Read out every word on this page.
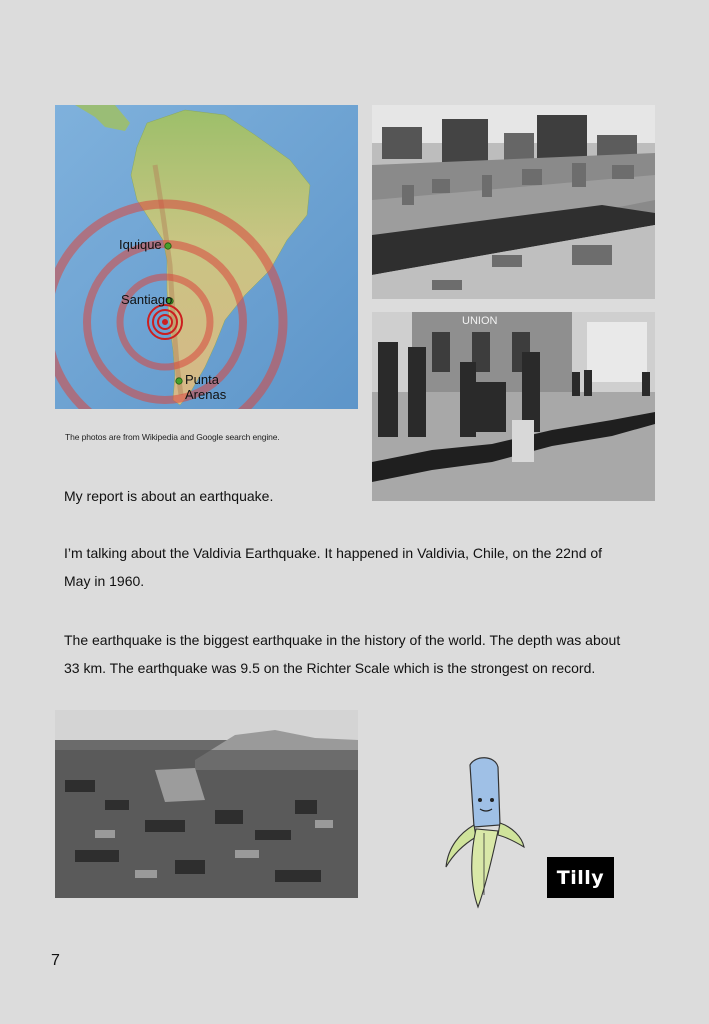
Iquique
Santiago
Punta
Arenas
UNION
The photos are from Wikipedia and Google search engine.

My report is about an earthquake.

I’m talking about the Valdivia Earthquake. It happened in Valdivia, Chile, on the 22nd of

May in 1960.

The earthquake is the biggest earthquake in the history of the world. The depth was about

33 km. The earthquake was 9.5 on the Richter Scale which is the strongest on record.

Tilly
7
